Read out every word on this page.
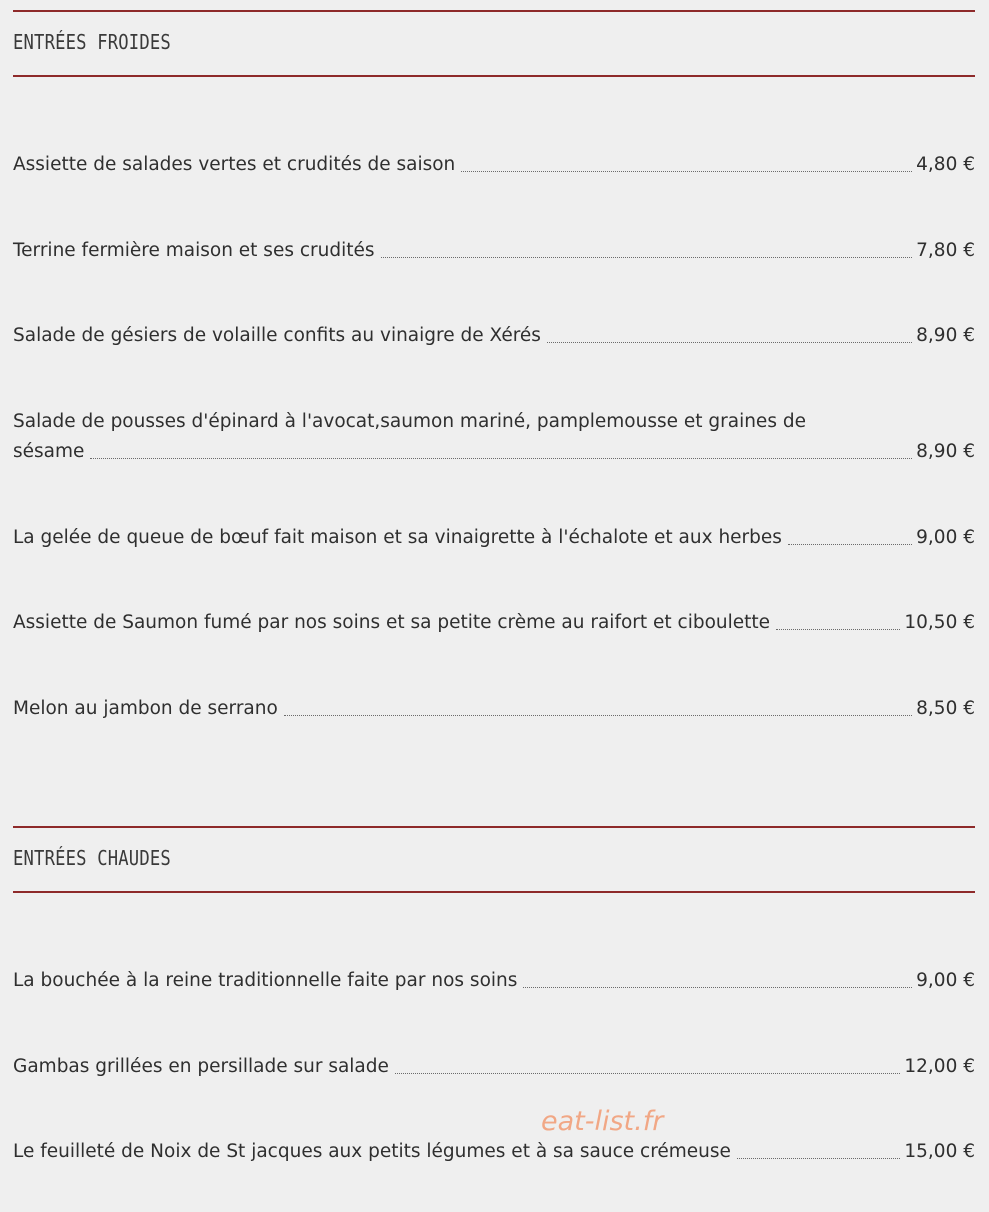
ENTRÉES FROIDES
Assiette de salades vertes et crudités de saison	4,80 €
Terrine fermière maison et ses crudités	7,80 €
Salade de gésiers de volaille confits au vinaigre de Xérés	8,90 €
Salade de pousses d'épinard à l'avocat,saumon mariné, pamplemousse et graines de
sésame	8,90 €
La gelée de queue de bœuf fait maison et sa vinaigrette à l'échalote et aux herbes	9,00 €
Assiette de Saumon fumé par nos soins et sa petite crème au raifort et ciboulette	10,50 €
Melon au jambon de serrano	8,50 €
ENTRÉES CHAUDES
La bouchée à la reine traditionnelle faite par nos soins	9,00 €
Gambas grillées en persillade sur salade	12,00 €
Le feuilleté de Noix de St jacques aux petits légumes et à sa sauce crémeuse	15,00 €
eat-list.fr
